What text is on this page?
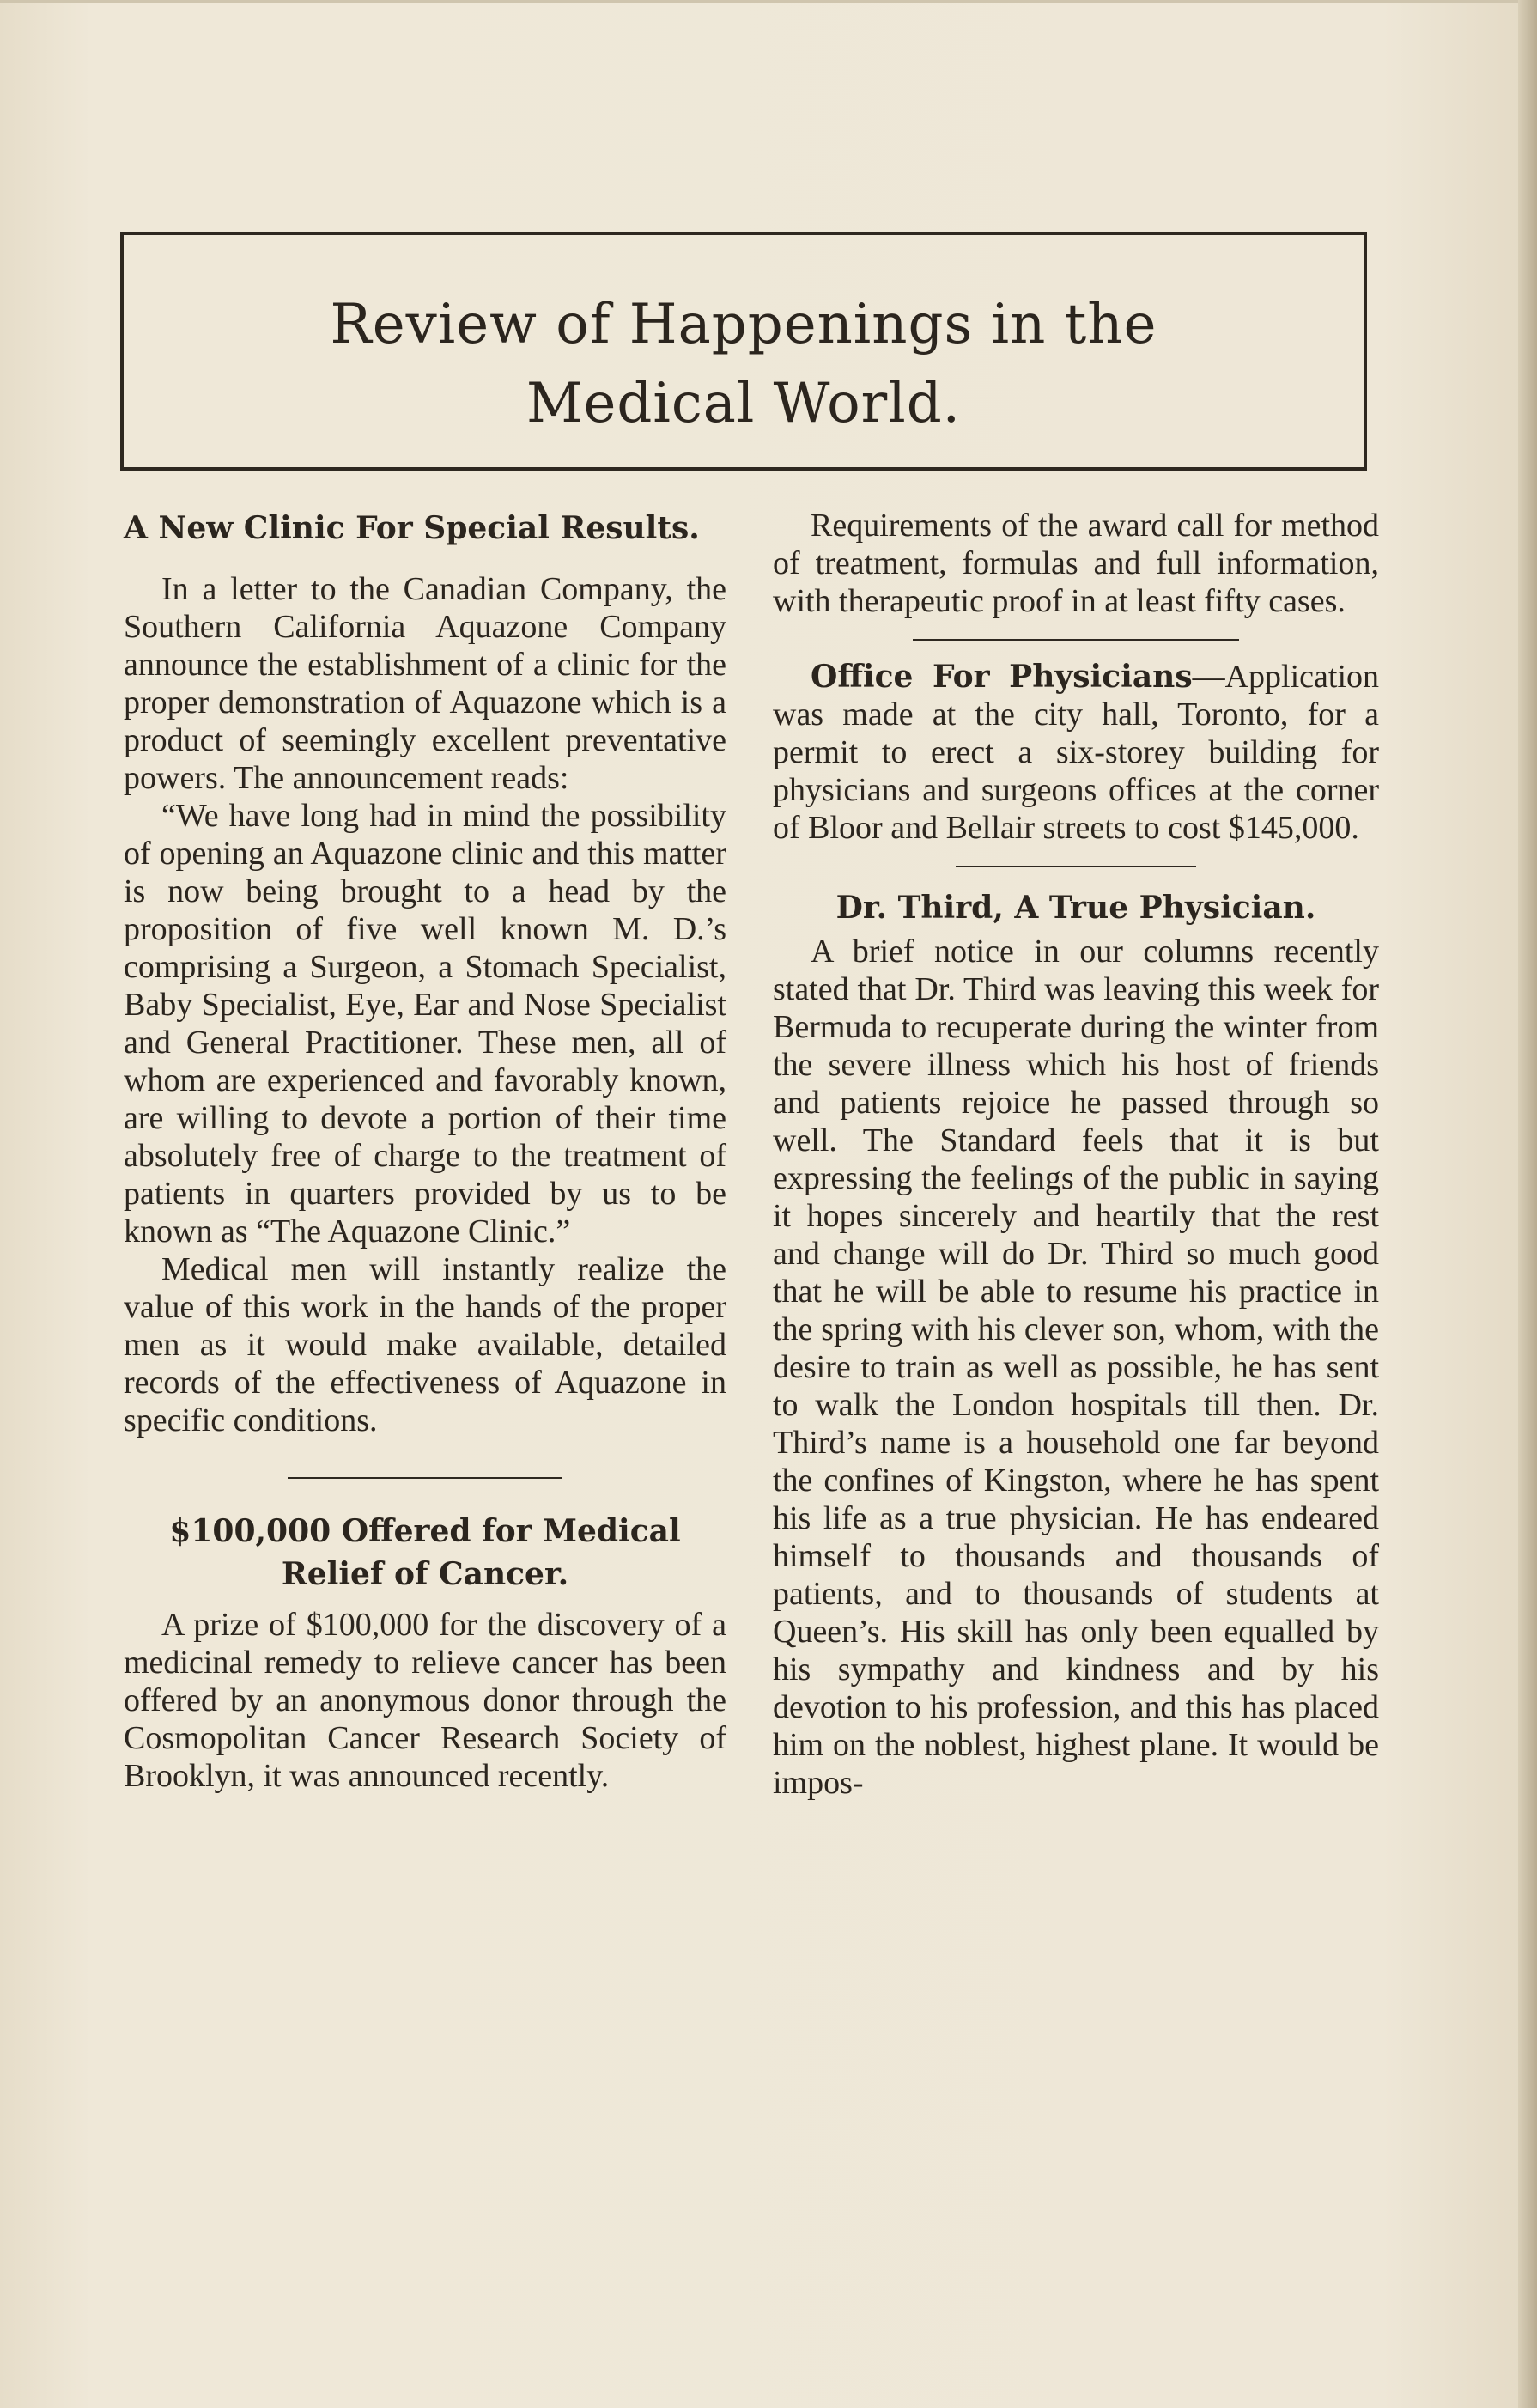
Review of Happenings in the
Medical World.
A New Clinic For Special Results.

In a letter to the Canadian Company, the Southern California Aquazone Company announce the establishment of a clinic for the proper demonstration of Aquazone which is a product of seemingly excellent preventative powers. The announcement reads:

“We have long had in mind the possibility of opening an Aquazone clinic and this matter is now being brought to a head by the proposition of five well known M. D.’s comprising a Surgeon, a Stomach Specialist, Baby Specialist, Eye, Ear and Nose Specialist and General Practitioner. These men, all of whom are experienced and favorably known, are willing to devote a portion of their time absolutely free of charge to the treatment of patients in quarters provided by us to be known as “The Aquazone Clinic.”

Medical men will instantly realize the value of this work in the hands of the proper men as it would make available, detailed records of the effectiveness of Aquazone in specific conditions.

$100,000 Offered for Medical
Relief of Cancer.

A prize of $100,000 for the discovery of a medicinal remedy to relieve cancer has been offered by an anonymous donor through the Cosmopolitan Cancer Research Society of Brooklyn, it was announced recently.

Requirements of the award call for method of treatment, formulas and full information, with therapeutic proof in at least fifty cases.

Office For Physicians—Application was made at the city hall, Toronto, for a permit to erect a six-storey building for physicians and surgeons offices at the corner of Bloor and Bellair streets to cost $145,000.

Dr. Third, A True Physician.

A brief notice in our columns recently stated that Dr. Third was leaving this week for Bermuda to recuperate during the winter from the severe illness which his host of friends and patients rejoice he passed through so well. The Standard feels that it is but expressing the feelings of the public in saying it hopes sincerely and heartily that the rest and change will do Dr. Third so much good that he will be able to resume his practice in the spring with his clever son, whom, with the desire to train as well as possible, he has sent to walk the London hospitals till then. Dr. Third’s name is a household one far beyond the confines of Kingston, where he has spent his life as a true physician. He has endeared himself to thousands and thousands of patients, and to thousands of students at Queen’s. His skill has only been equalled by his sympathy and kindness and by his devotion to his profession, and this has placed him on the noblest, highest plane. It would be impos-
